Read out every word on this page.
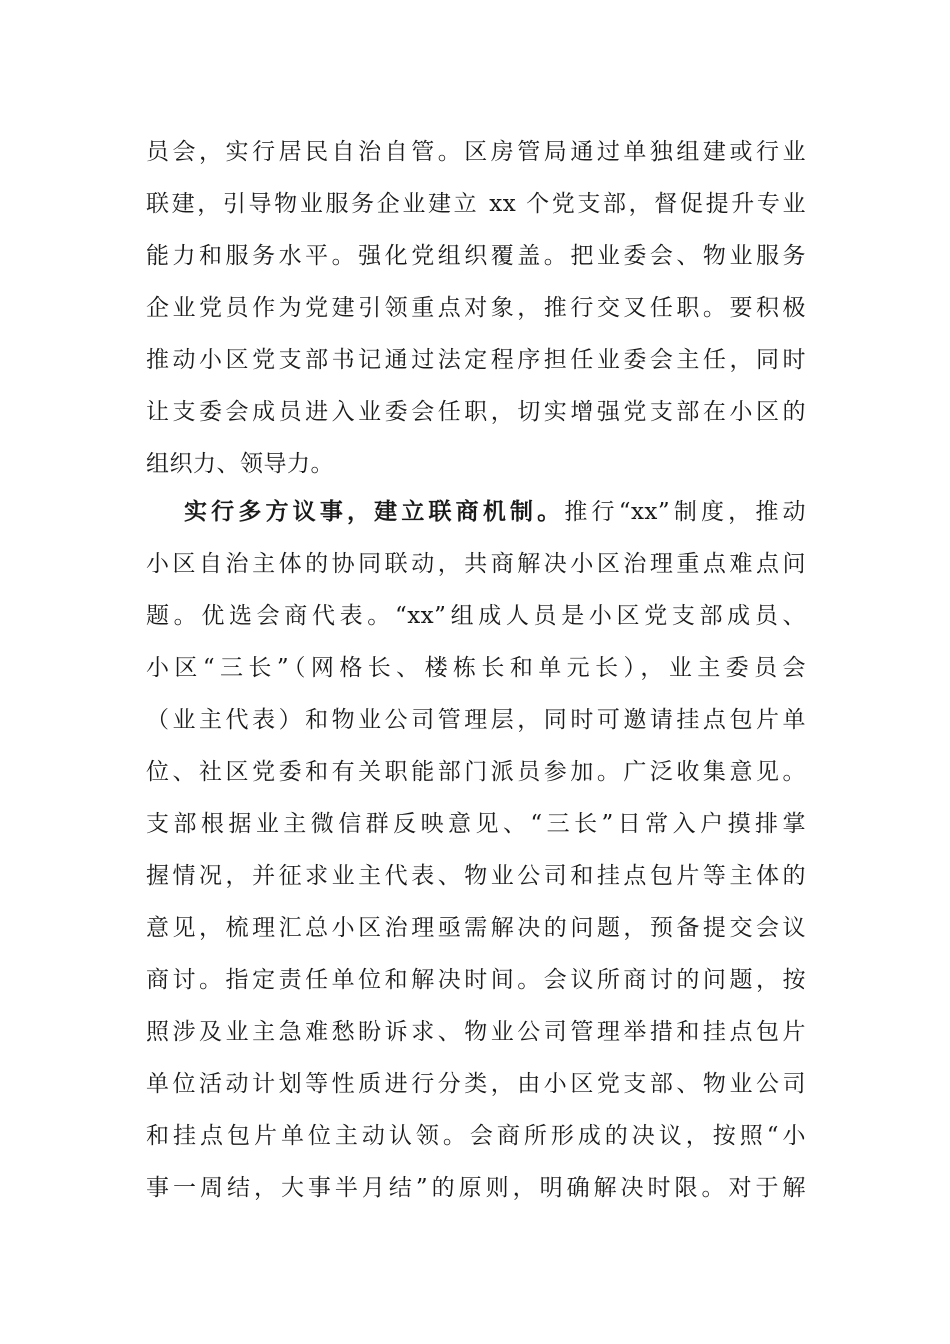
员会，实行居民自治自管。区房管局通过单独组建或行业
联建，引导物业服务企业建立 xx 个党支部，督促提升专业
能力和服务水平。强化党组织覆盖。把业委会、物业服务
企业党员作为党建引领重点对象，推行交叉任职。要积极
推动小区党支部书记通过法定程序担任业委会主任，同时
让支委会成员进入业委会任职，切实增强党支部在小区的
组织力、领导力。
实行多方议事，建立联商机制。推行“xx”制度，推动
小区自治主体的协同联动，共商解决小区治理重点难点问
题。优选会商代表。“xx”组成人员是小区党支部成员、
小区“三长”（网格长、楼栋长和单元长），业主委员会
（业主代表）和物业公司管理层，同时可邀请挂点包片单
位、社区党委和有关职能部门派员参加。广泛收集意见。
支部根据业主微信群反映意见、“三长”日常入户摸排掌
握情况，并征求业主代表、物业公司和挂点包片等主体的
意见，梳理汇总小区治理亟需解决的问题，预备提交会议
商讨。指定责任单位和解决时间。会议所商讨的问题，按
照涉及业主急难愁盼诉求、物业公司管理举措和挂点包片
单位活动计划等性质进行分类，由小区党支部、物业公司
和挂点包片单位主动认领。会商所形成的决议，按照“小
事一周结，大事半月结”的原则，明确解决时限。对于解
